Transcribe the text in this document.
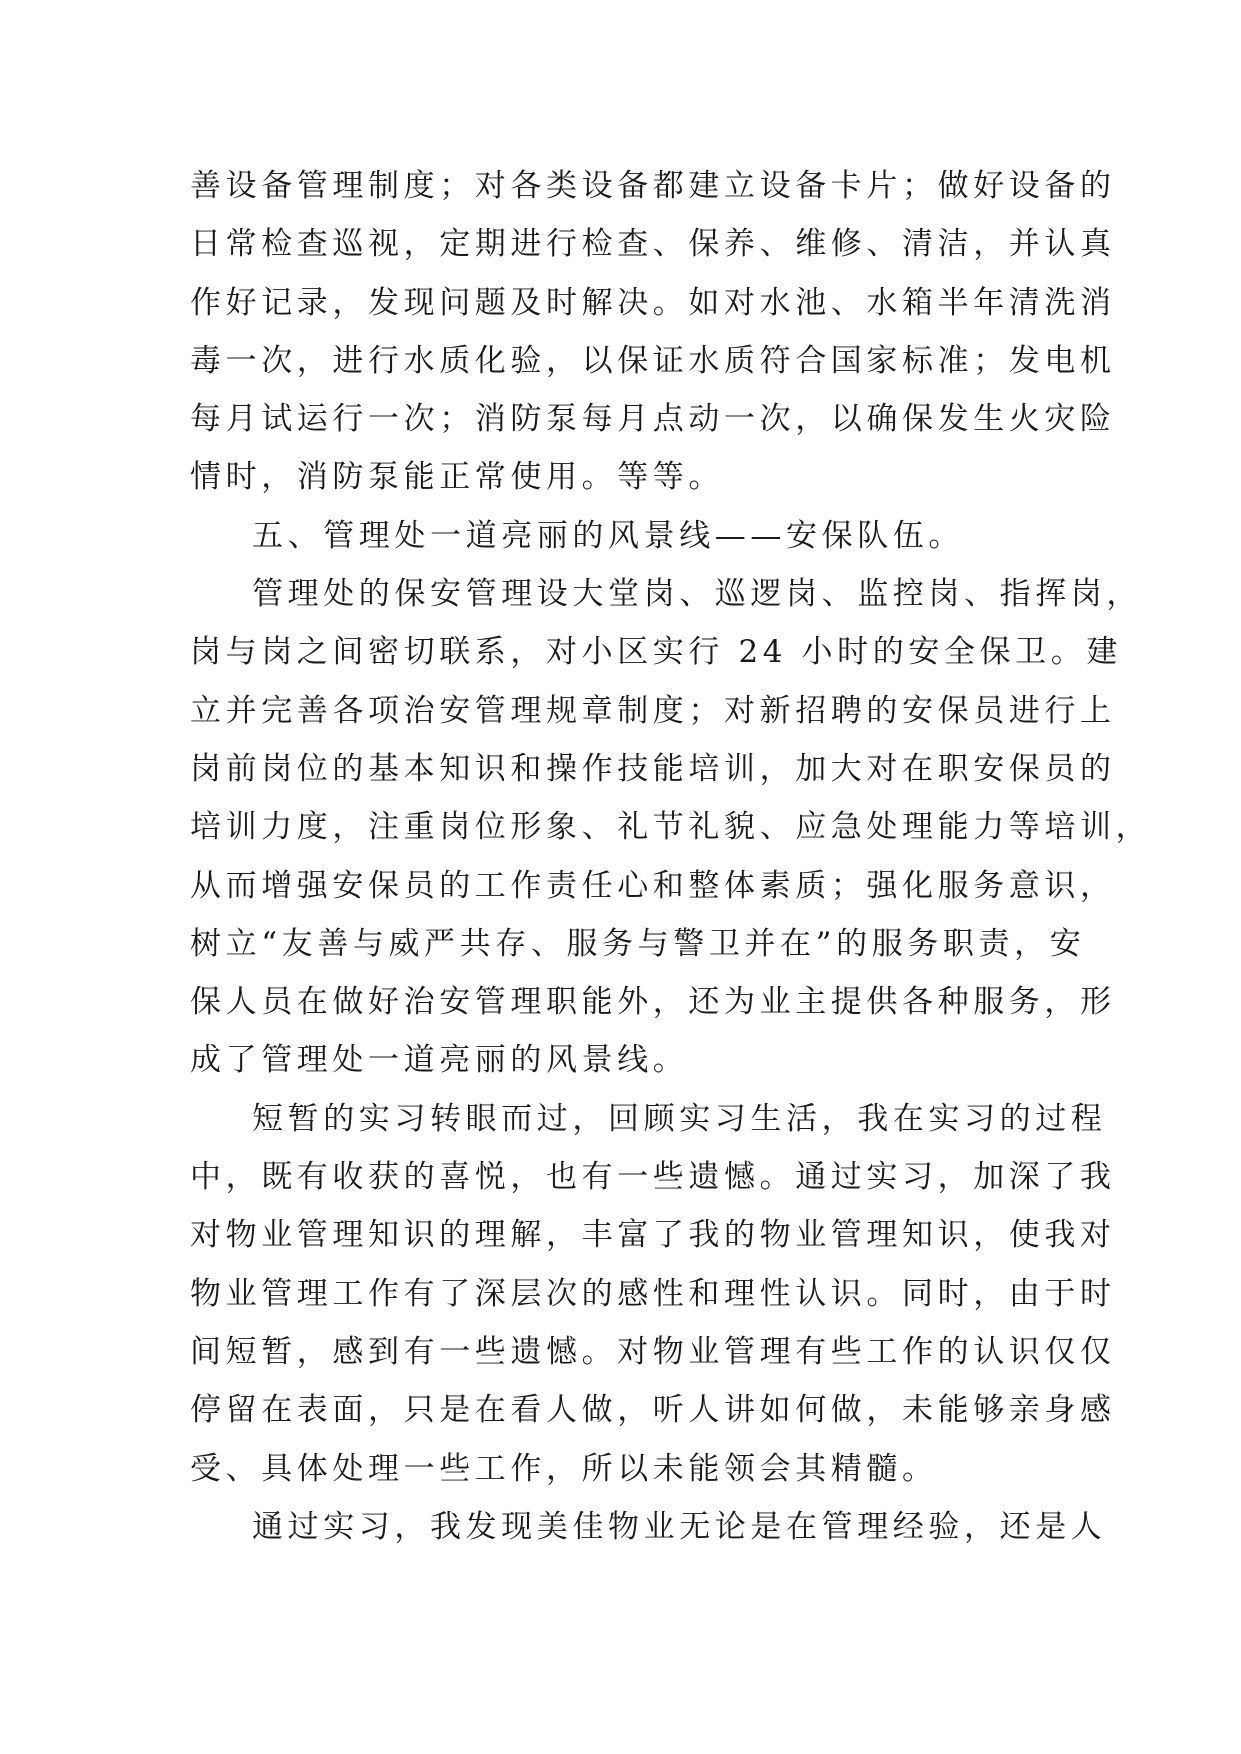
善设备管理制度；对各类设备都建立设备卡片；做好设备的
日常检查巡视，定期进行检查、保养、维修、清洁，并认真
作好记录，发现问题及时解决。如对水池、水箱半年清洗消
毒一次，进行水质化验，以保证水质符合国家标准；发电机
每月试运行一次；消防泵每月点动一次，以确保发生火灾险
情时，消防泵能正常使用。等等。
五、管理处一道亮丽的风景线——安保队伍。
管理处的保安管理设大堂岗、巡逻岗、监控岗、指挥岗，
岗与岗之间密切联系，对小区实行 24 小时的安全保卫。建
立并完善各项治安管理规章制度；对新招聘的安保员进行上
岗前岗位的基本知识和操作技能培训，加大对在职安保员的
培训力度，注重岗位形象、礼节礼貌、应急处理能力等培训，
从而增强安保员的工作责任心和整体素质；强化服务意识，
树立“友善与威严共存、服务与警卫并在”的服务职责，安
保人员在做好治安管理职能外，还为业主提供各种服务，形
成了管理处一道亮丽的风景线。
短暂的实习转眼而过，回顾实习生活，我在实习的过程
中，既有收获的喜悦，也有一些遗憾。通过实习，加深了我
对物业管理知识的理解，丰富了我的物业管理知识，使我对
物业管理工作有了深层次的感性和理性认识。同时，由于时
间短暂，感到有一些遗憾。对物业管理有些工作的认识仅仅
停留在表面，只是在看人做，听人讲如何做，未能够亲身感
受、具体处理一些工作，所以未能领会其精髓。
通过实习，我发现美佳物业无论是在管理经验，还是人
